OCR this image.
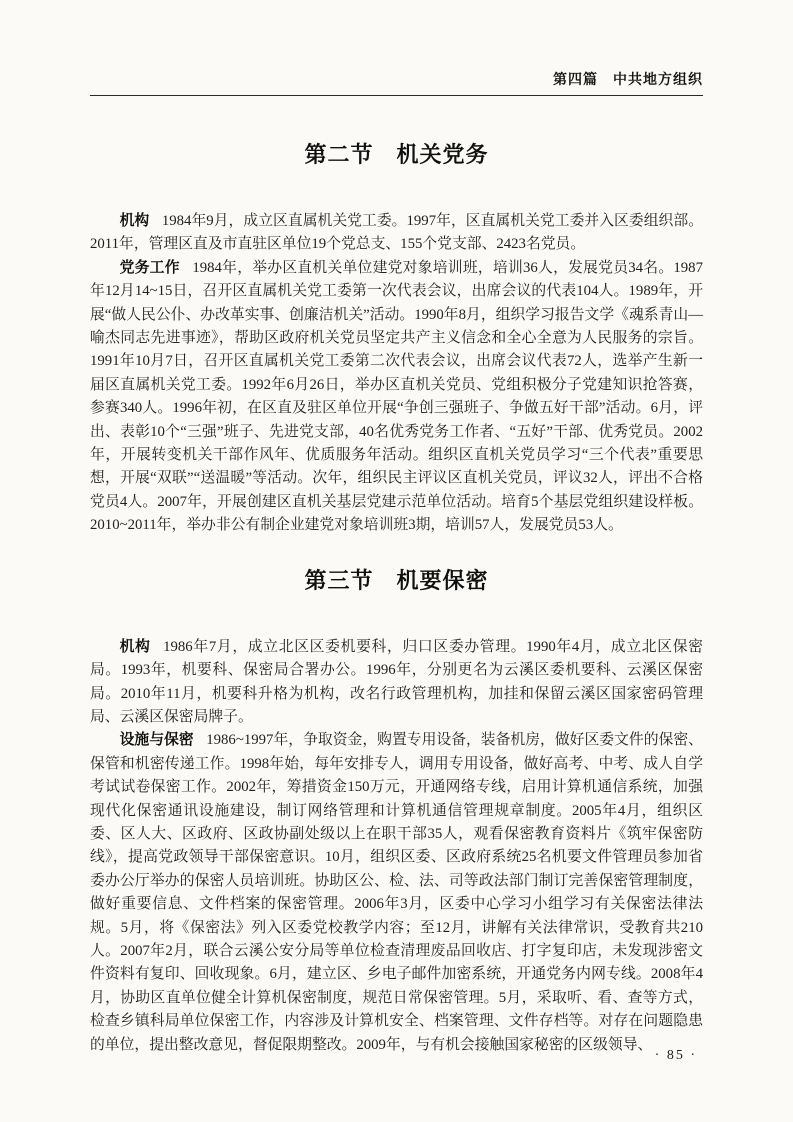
第四篇　中共地方组织
第二节　机关党务

机构 1984年9月，成立区直属机关党工委。1997年，区直属机关党工委并入区委组织部。2011年，管理区直及市直驻区单位19个党总支、155个党支部、2423名党员。

党务工作 1984年，举办区直机关单位建党对象培训班，培训36人，发展党员34名。1987年12月14~15日，召开区直属机关党工委第一次代表会议，出席会议的代表104人。1989年，开展“做人民公仆、办改革实事、创廉洁机关”活动。1990年8月，组织学习报告文学《魂系青山—喻杰同志先进事迹》，帮助区政府机关党员坚定共产主义信念和全心全意为人民服务的宗旨。1991年10月7日，召开区直属机关党工委第二次代表会议，出席会议代表72人，选举产生新一届区直属机关党工委。1992年6月26日，举办区直机关党员、党组积极分子党建知识抢答赛，参赛340人。1996年初，在区直及驻区单位开展“争创三强班子、争做五好干部”活动。6月，评出、表彰10个“三强”班子、先进党支部，40名优秀党务工作者、“五好”干部、优秀党员。2002年，开展转变机关干部作风年、优质服务年活动。组织区直机关党员学习“三个代表”重要思想，开展“双联”“送温暖”等活动。次年，组织民主评议区直机关党员，评议32人，评出不合格党员4人。2007年，开展创建区直机关基层党建示范单位活动。培育5个基层党组织建设样板。2010~2011年，举办非公有制企业建党对象培训班3期，培训57人，发展党员53人。

第三节　机要保密

机构 1986年7月，成立北区区委机要科，归口区委办管理。1990年4月，成立北区保密局。1993年，机要科、保密局合署办公。1996年，分别更名为云溪区委机要科、云溪区保密局。2010年11月，机要科升格为机构，改名行政管理机构，加挂和保留云溪区国家密码管理局、云溪区保密局牌子。

设施与保密 1986~1997年，争取资金，购置专用设备，装备机房，做好区委文件的保密、保管和机密传递工作。1998年始，每年安排专人，调用专用设备，做好高考、中考、成人自学考试试卷保密工作。2002年，筹措资金150万元，开通网络专线，启用计算机通信系统，加强现代化保密通讯设施建设，制订网络管理和计算机通信管理规章制度。2005年4月，组织区委、区人大、区政府、区政协副处级以上在职干部35人，观看保密教育资料片《筑牢保密防线》，提高党政领导干部保密意识。10月，组织区委、区政府系统25名机要文件管理员参加省委办公厅举办的保密人员培训班。协助区公、检、法、司等政法部门制订完善保密管理制度，做好重要信息、文件档案的保密管理。2006年3月，区委中心学习小组学习有关保密法律法规。5月，将《保密法》列入区委党校教学内容；至12月，讲解有关法律常识，受教育共210人。2007年2月，联合云溪公安分局等单位检查清理废品回收店、打字复印店，未发现涉密文件资料有复印、回收现象。6月，建立区、乡电子邮件加密系统，开通党务内网专线。2008年4月，协助区直单位健全计算机保密制度，规范日常保密管理。5月，采取听、看、查等方式，检查乡镇科局单位保密工作，内容涉及计算机安全、档案管理、文件存档等。对存在问题隐患的单位，提出整改意见，督促限期整改。2009年，与有机会接触国家秘密的区级领导、

· 85 ·
